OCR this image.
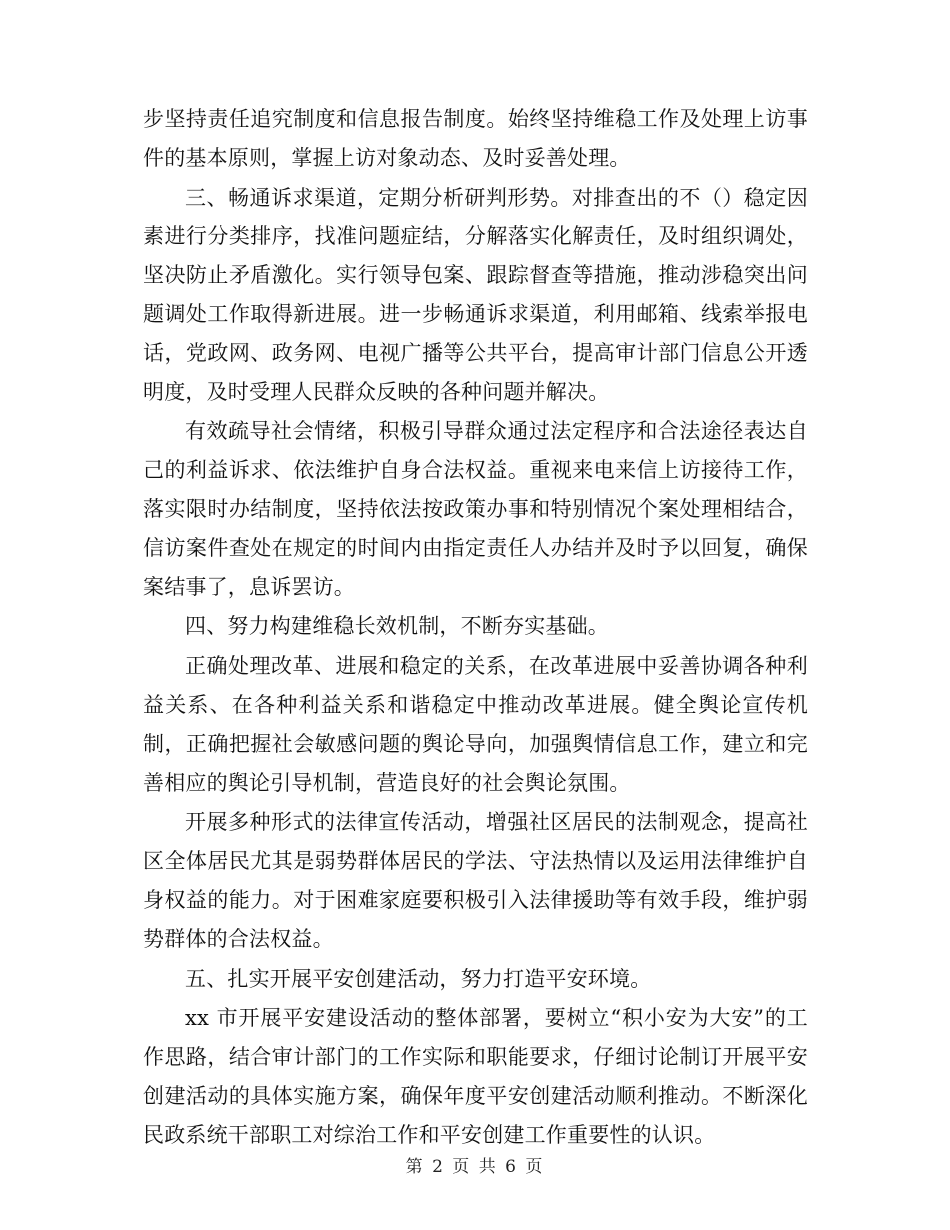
步坚持责任追究制度和信息报告制度。始终坚持维稳工作及处理上访事件的基本原则，掌握上访对象动态、及时妥善处理。

三、畅通诉求渠道，定期分析研判形势。对排查出的不（）稳定因素进行分类排序，找准问题症结，分解落实化解责任，及时组织调处，坚决防止矛盾激化。实行领导包案、跟踪督查等措施，推动涉稳突出问题调处工作取得新进展。进一步畅通诉求渠道，利用邮箱、线索举报电话，党政网、政务网、电视广播等公共平台，提高审计部门信息公开透明度，及时受理人民群众反映的各种问题并解决。

有效疏导社会情绪，积极引导群众通过法定程序和合法途径表达自己的利益诉求、依法维护自身合法权益。重视来电来信上访接待工作，落实限时办结制度，坚持依法按政策办事和特别情况个案处理相结合，信访案件查处在规定的时间内由指定责任人办结并及时予以回复，确保案结事了，息诉罢访。

四、努力构建维稳长效机制，不断夯实基础。

正确处理改革、进展和稳定的关系，在改革进展中妥善协调各种利益关系、在各种利益关系和谐稳定中推动改革进展。健全舆论宣传机制，正确把握社会敏感问题的舆论导向，加强舆情信息工作，建立和完善相应的舆论引导机制，营造良好的社会舆论氛围。

开展多种形式的法律宣传活动，增强社区居民的法制观念，提高社区全体居民尤其是弱势群体居民的学法、守法热情以及运用法律维护自身权益的能力。对于困难家庭要积极引入法律援助等有效手段，维护弱势群体的合法权益。

五、扎实开展平安创建活动，努力打造平安环境。

xx 市开展平安建设活动的整体部署，要树立“积小安为大安”的工作思路，结合审计部门的工作实际和职能要求，仔细讨论制订开展平安创建活动的具体实施方案，确保年度平安创建活动顺利推动。不断深化民政系统干部职工对综治工作和平安创建工作重要性的认识。

第 2 页 共 6 页
